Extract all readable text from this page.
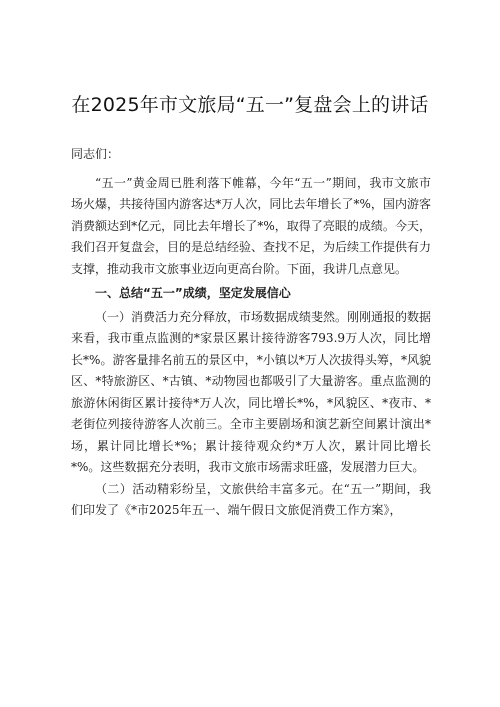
在2025年市文旅局“五一”复盘会上的讲话

同志们：

“五一”黄金周已胜利落下帷幕，今年“五一”期间，我市文旅市场火爆，共接待国内游客达*万人次，同比去年增长了*%，国内游客消费额达到*亿元，同比去年增长了*%，取得了亮眼的成绩。今天，我们召开复盘会，目的是总结经验、查找不足，为后续工作提供有力支撑，推动我市文旅事业迈向更高台阶。下面，我讲几点意见。

一、总结“五一”成绩，坚定发展信心

（一）消费活力充分释放，市场数据成绩斐然。刚刚通报的数据来看，我市重点监测的*家景区累计接待游客793.9万人次，同比增长*%。游客量排名前五的景区中，*小镇以*万人次拔得头筹，*风貌区、*特旅游区、*古镇、*动物园也都吸引了大量游客。重点监测的旅游休闲街区累计接待*万人次，同比增长*%，*风貌区、*夜市、*老街位列接待游客人次前三。全市主要剧场和演艺新空间累计演出*场，累计同比增长*%；累计接待观众约*万人次，累计同比增长*%。这些数据充分表明，我市文旅市场需求旺盛，发展潜力巨大。

（二）活动精彩纷呈，文旅供给丰富多元。在“五一”期间，我们印发了《*市2025年五一、端午假日文旅促消费工作方案》，
